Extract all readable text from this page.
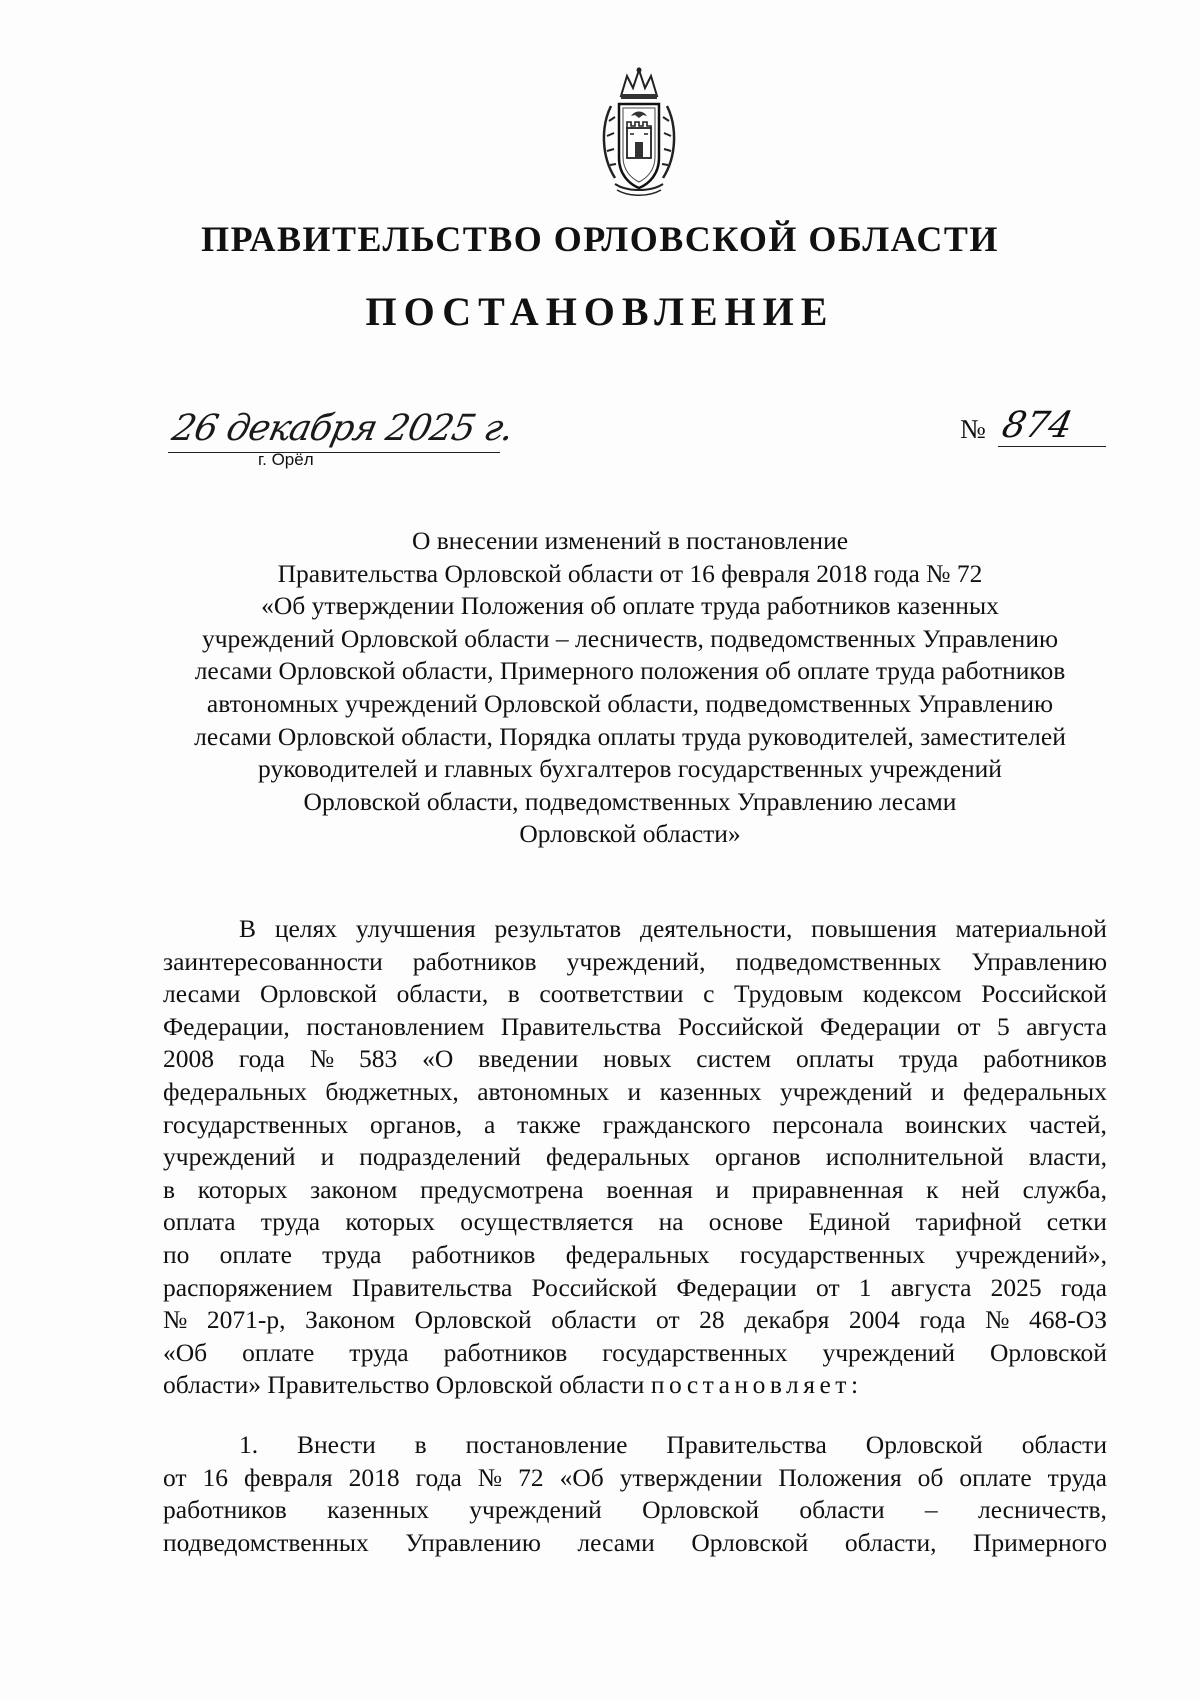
ПРАВИТЕЛЬСТВО ОРЛОВСКОЙ ОБЛАСТИ
ПОСТАНОВЛЕНИЕ
26 декабря 2025 г.
г. Орёл
№ 874
О внесении изменений в постановление
Правительства Орловской области от 16 февраля 2018 года № 72
«Об утверждении Положения об оплате труда работников казенных
учреждений Орловской области – лесничеств, подведомственных Управлению
лесами Орловской области, Примерного положения об оплате труда работников
автономных учреждений Орловской области, подведомственных Управлению
лесами Орловской области, Порядка оплаты труда руководителей, заместителей
руководителей и главных бухгалтеров государственных учреждений
Орловской области, подведомственных Управлению лесами
Орловской области»
В целях улучшения результатов деятельности, повышения материальной
заинтересованности работников учреждений, подведомственных Управлению
лесами Орловской области, в соответствии с Трудовым кодексом Российской
Федерации, постановлением Правительства Российской Федерации от 5 августа
2008 года № 583 «О введении новых систем оплаты труда работников
федеральных бюджетных, автономных и казенных учреждений и федеральных
государственных органов, а также гражданского персонала воинских частей,
учреждений и подразделений федеральных органов исполнительной власти,
в которых законом предусмотрена военная и приравненная к ней служба,
оплата труда которых осуществляется на основе Единой тарифной сетки
по оплате труда работников федеральных государственных учреждений»,
распоряжением Правительства Российской Федерации от 1 августа 2025 года
№ 2071-р, Законом Орловской области от 28 декабря 2004 года № 468-ОЗ
«Об оплате труда работников государственных учреждений Орловской
области» Правительство Орловской области постановляет:
1. Внести в постановление Правительства Орловской области
от 16 февраля 2018 года № 72 «Об утверждении Положения об оплате труда
работников казенных учреждений Орловской области – лесничеств,
подведомственных Управлению лесами Орловской области, Примерного
